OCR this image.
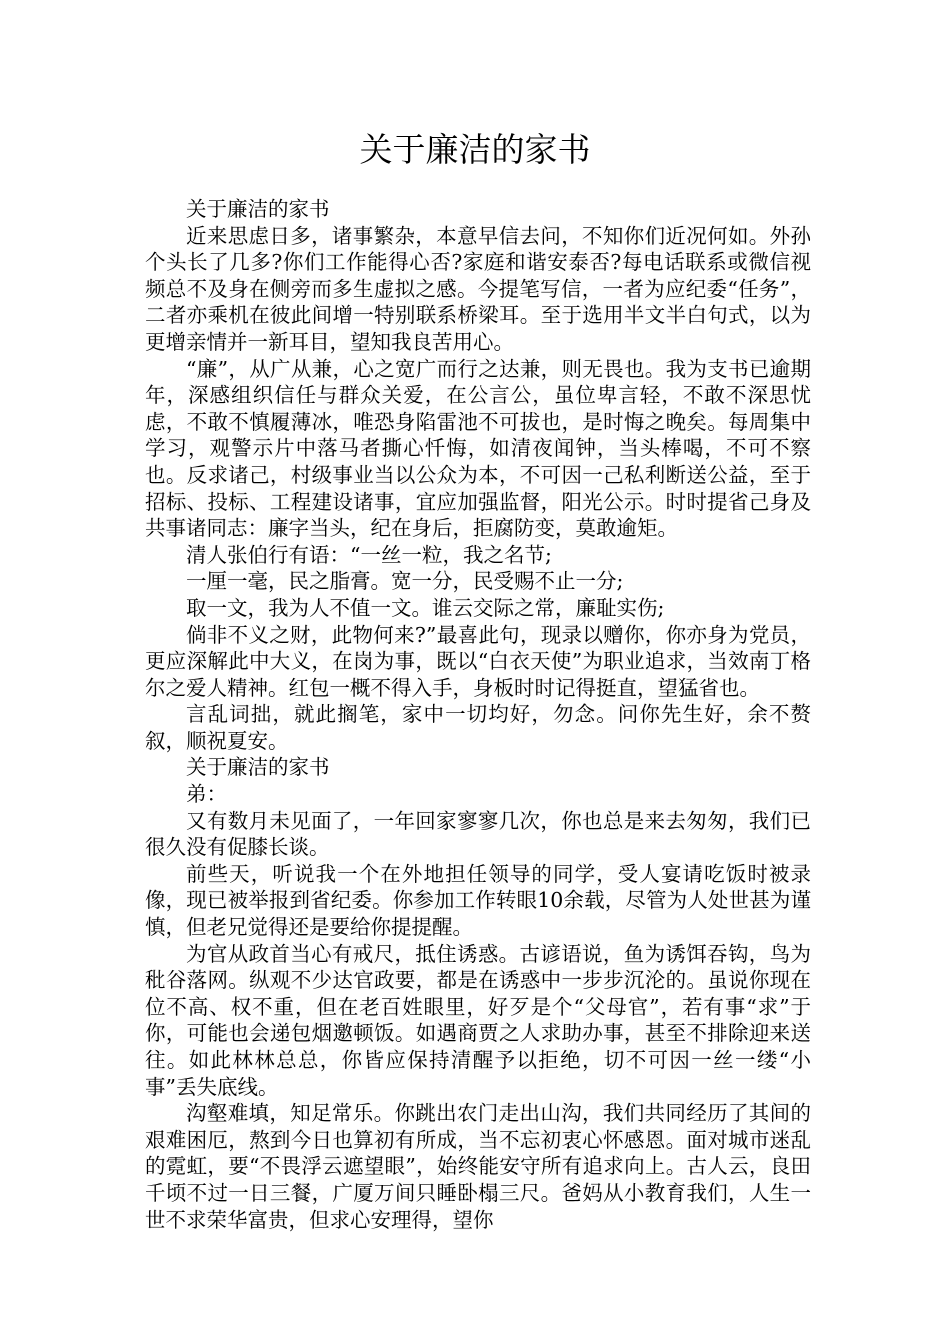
关于廉洁的家书

关于廉洁的家书

近来思虑日多，诸事繁杂，本意早信去问，不知你们近况何如。外孙个头长了几多?你们工作能得心否?家庭和谐安泰否?每电话联系或微信视频总不及身在侧旁而多生虚拟之感。今提笔写信，一者为应纪委“任务”，二者亦乘机在彼此间增一特别联系桥梁耳。至于选用半文半白句式，以为更增亲情并一新耳目，望知我良苦用心。

“廉”，从广从兼，心之宽广而行之达兼，则无畏也。我为支书已逾期年，深感组织信任与群众关爱，在公言公，虽位卑言轻，不敢不深思忧虑，不敢不慎履薄冰，唯恐身陷雷池不可拔也，是时悔之晚矣。每周集中学习，观警示片中落马者撕心忏悔，如清夜闻钟，当头棒喝，不可不察也。反求诸己，村级事业当以公众为本，不可因一己私利断送公益，至于招标、投标、工程建设诸事，宜应加强监督，阳光公示。时时提省己身及共事诸同志：廉字当头，纪在身后，拒腐防变，莫敢逾矩。

清人张伯行有语：“一丝一粒，我之名节;

一厘一毫，民之脂膏。宽一分，民受赐不止一分;

取一文，我为人不值一文。谁云交际之常，廉耻实伤;

倘非不义之财，此物何来?”最喜此句，现录以赠你，你亦身为党员，更应深解此中大义，在岗为事，既以“白衣天使”为职业追求，当效南丁格尔之爱人精神。红包一概不得入手，身板时时记得挺直，望猛省也。

言乱词拙，就此搁笔，家中一切均好，勿念。问你先生好，余不赘叙，顺祝夏安。

关于廉洁的家书

弟：

又有数月未见面了，一年回家寥寥几次，你也总是来去匆匆，我们已很久没有促膝长谈。

前些天，听说我一个在外地担任领导的同学，受人宴请吃饭时被录像，现已被举报到省纪委。你参加工作转眼10余载，尽管为人处世甚为谨慎，但老兄觉得还是要给你提提醒。

为官从政首当心有戒尺，抵住诱惑。古谚语说，鱼为诱饵吞钩，鸟为秕谷落网。纵观不少达官政要，都是在诱惑中一步步沉沦的。虽说你现在位不高、权不重，但在老百姓眼里，好歹是个“父母官”，若有事“求”于你，可能也会递包烟邀顿饭。如遇商贾之人求助办事，甚至不排除迎来送往。如此林林总总，你皆应保持清醒予以拒绝，切不可因一丝一缕“小事”丢失底线。

沟壑难填，知足常乐。你跳出农门走出山沟，我们共同经历了其间的艰难困厄，熬到今日也算初有所成，当不忘初衷心怀感恩。面对城市迷乱的霓虹，要“不畏浮云遮望眼”，始终能安守所有追求向上。古人云，良田千顷不过一日三餐，广厦万间只睡卧榻三尺。爸妈从小教育我们，人生一世不求荣华富贵，但求心安理得，望你
